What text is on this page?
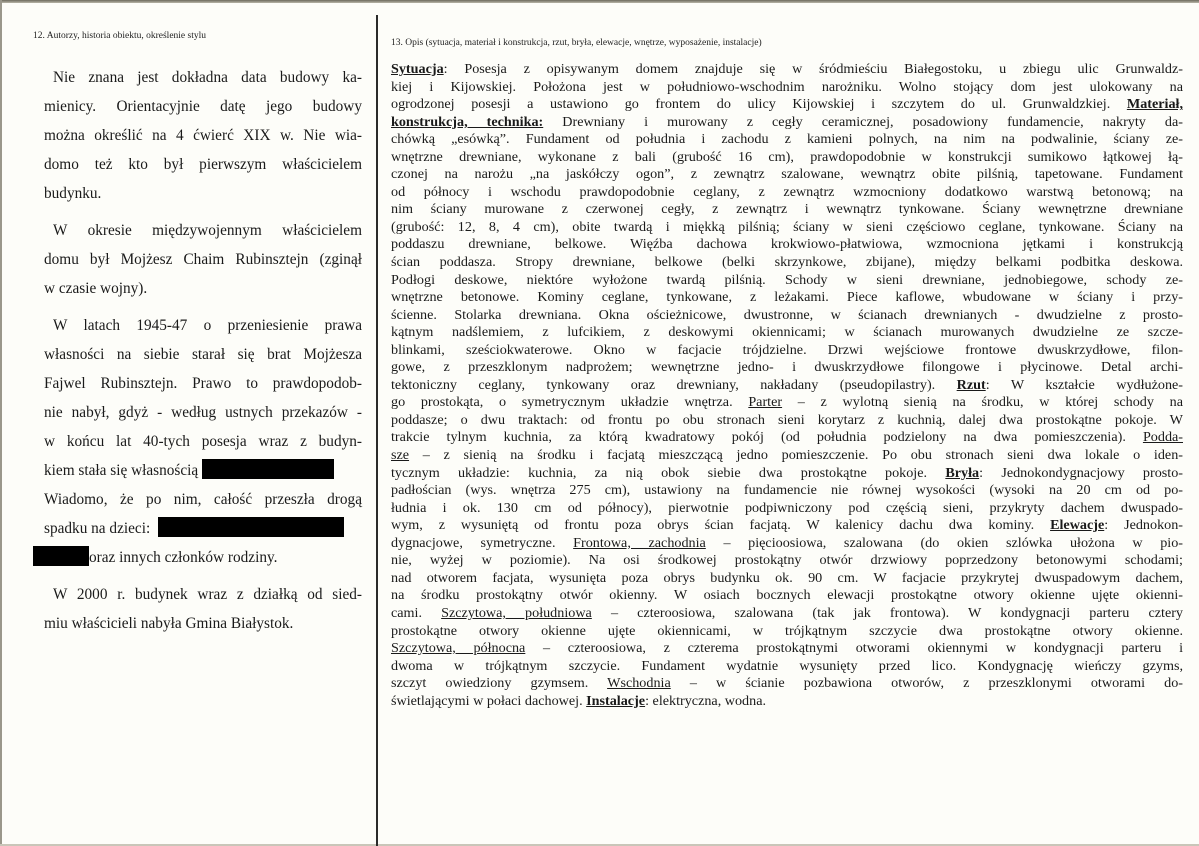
12. Autorzy, historia obiektu, określenie stylu

Nie znana jest dokładna data budowy ka-
mienicy. Orientacyjnie datę jego budowy
można określić na 4 ćwierć XIX w. Nie wia-
domo też kto był pierwszym właścicielem
budynku.

W okresie międzywojennym właścicielem
domu był Mojżesz Chaim Rubinsztejn (zginął
w czasie wojny).

W latach 1945-47 o przeniesienie prawa
własności na siebie starał się brat Mojżesza
Fajwel Rubinsztejn. Prawo to prawdopodob-
nie nabył, gdyż - według ustnych przekazów -
w końcu lat 40-tych posesja wraz z budyn-
kiem stała się własnością
Wiadomo, że po nim, całość przeszła drogą
spadku na dzieci:
oraz innych członków rodziny.

W 2000 r. budynek wraz z działką od sied-
miu właścicieli nabyła Gmina Białystok.

13. Opis (sytuacja, materiał i konstrukcja, rzut, bryła, elewacje, wnętrze, wyposażenie, instalacje)
Sytuacja: Posesja z opisywanym domem znajduje się w śródmieściu Białegostoku, u zbiegu ulic Grunwaldz-
kiej i Kijowskiej. Położona jest w południowo-wschodnim narożniku. Wolno stojący dom jest ulokowany na
ogrodzonej posesji a ustawiono go frontem do ulicy Kijowskiej i szczytem do ul. Grunwaldzkiej. Materiał,
konstrukcja, technika: Drewniany i murowany z cegły ceramicznej, posadowiony fundamencie, nakryty da-
chówką „esówką”. Fundament od południa i zachodu z kamieni polnych, na nim na podwalinie, ściany ze-
wnętrzne drewniane, wykonane z bali (grubość 16 cm), prawdopodobnie w konstrukcji sumikowo łątkowej łą-
czonej na narożu „na jaskółczy ogon”, z zewnątrz szalowane, wewnątrz obite pilśnią, tapetowane. Fundament
od północy i wschodu prawdopodobnie ceglany, z zewnątrz wzmocniony dodatkowo warstwą betonową; na
nim ściany murowane z czerwonej cegły, z zewnątrz i wewnątrz tynkowane. Ściany wewnętrzne drewniane
(grubość: 12, 8, 4 cm), obite twardą i miękką pilśnią; ściany w sieni częściowo ceglane, tynkowane. Ściany na
poddaszu drewniane, belkowe. Więźba dachowa krokwiowo-płatwiowa, wzmocniona jętkami i konstrukcją
ścian poddasza. Stropy drewniane, belkowe (belki skrzynkowe, zbijane), między belkami podbitka deskowa.
Podłogi deskowe, niektóre wyłożone twardą pilśnią. Schody w sieni drewniane, jednobiegowe, schody ze-
wnętrzne betonowe. Kominy ceglane, tynkowane, z leżakami. Piece kaflowe, wbudowane w ściany i przy-
ścienne. Stolarka drewniana. Okna ościeżnicowe, dwustronne, w ścianach drewnianych - dwudzielne z prosto-
kątnym nadślemiem, z lufcikiem, z deskowymi okiennicami; w ścianach murowanych dwudzielne ze szcze-
blinkami, sześciokwaterowe. Okno w facjacie trójdzielne. Drzwi wejściowe frontowe dwuskrzydłowe, filon-
gowe, z przeszklonym nadprożem; wewnętrzne jedno- i dwuskrzydłowe filongowe i płycinowe. Detal archi-
tektoniczny ceglany, tynkowany oraz drewniany, nakładany (pseudopilastry). Rzut: W kształcie wydłużone-
go prostokąta, o symetrycznym układzie wnętrza. Parter – z wylotną sienią na środku, w której schody na
poddasze; o dwu traktach: od frontu po obu stronach sieni korytarz z kuchnią, dalej dwa prostokątne pokoje. W
trakcie tylnym kuchnia, za którą kwadratowy pokój (od południa podzielony na dwa pomieszczenia). Podda-
sze – z sienią na środku i facjatą mieszczącą jedno pomieszczenie. Po obu stronach sieni dwa lokale o iden-
tycznym układzie: kuchnia, za nią obok siebie dwa prostokątne pokoje. Bryła: Jednokondygnacjowy prosto-
padłościan (wys. wnętrza 275 cm), ustawiony na fundamencie nie równej wysokości (wysoki na 20 cm od po-
łudnia i ok. 130 cm od północy), pierwotnie podpiwniczony pod częścią sieni, przykryty dachem dwuspado-
wym, z wysuniętą od frontu poza obrys ścian facjatą. W kalenicy dachu dwa kominy. Elewacje: Jednokon-
dygnacjowe, symetryczne. Frontowa, zachodnia – pięcioosiowa, szalowana (do okien szlówka ułożona w pio-
nie, wyżej w poziomie). Na osi środkowej prostokątny otwór drzwiowy poprzedzony betonowymi schodami;
nad otworem facjata, wysunięta poza obrys budynku ok. 90 cm. W facjacie przykrytej dwuspadowym dachem,
na środku prostokątny otwór okienny. W osiach bocznych elewacji prostokątne otwory okienne ujęte okienni-
cami. Szczytowa, południowa – czteroosiowa, szalowana (tak jak frontowa). W kondygnacji parteru cztery
prostokątne otwory okienne ujęte okiennicami, w trójkątnym szczycie dwa prostokątne otwory okienne.
Szczytowa, północna – czteroosiowa, z czterema prostokątnymi otworami okiennymi w kondygnacji parteru i
dwoma w trójkątnym szczycie. Fundament wydatnie wysunięty przed lico. Kondygnację wieńczy gzyms,
szczyt owiedziony gzymsem. Wschodnia – w ścianie pozbawiona otworów, z przeszklonymi otworami do-
świetlającymi w połaci dachowej. Instalacje: elektryczna, wodna.
